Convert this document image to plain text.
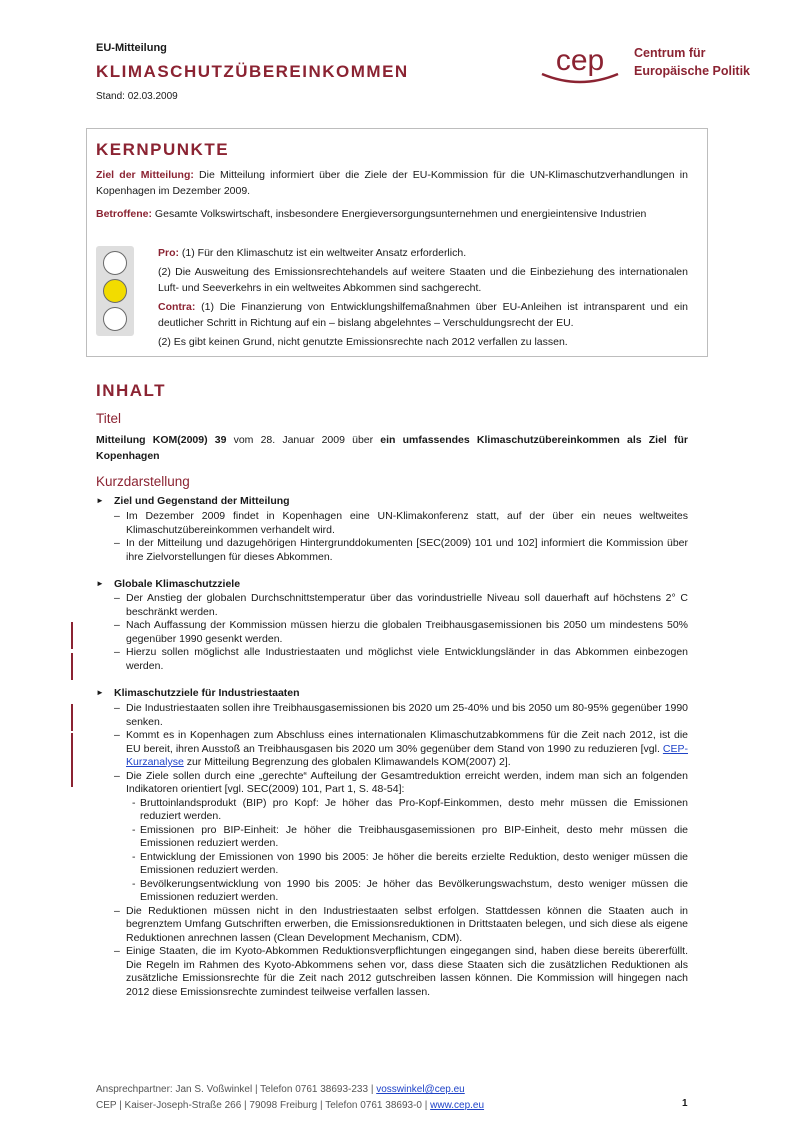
EU-Mitteilung
KLIMASCHUTZÜBEREINKOMMEN
Stand: 02.03.2009
cep Centrum für
Europäische Politik
KERNPUNKTE
Ziel der Mitteilung: Die Mitteilung informiert über die Ziele der EU-Kommission für die UN-Klimaschutzverhandlungen in Kopenhagen im Dezember 2009.
Betroffene: Gesamte Volkswirtschaft, insbesondere Energieversorgungsunternehmen und energieintensive Industrien

Pro: (1) Für den Klimaschutz ist ein weltweiter Ansatz erforderlich.

(2) Die Ausweitung des Emissionsrechtehandels auf weitere Staaten und die Einbeziehung des internationalen Luft- und Seeverkehrs in ein weltweites Abkommen sind sachgerecht.

Contra: (1) Die Finanzierung von Entwicklungshilfemaßnahmen über EU-Anleihen ist intransparent und ein deutlicher Schritt in Richtung auf ein – bislang abgelehntes – Verschuldungsrecht der EU.

(2) Es gibt keinen Grund, nicht genutzte Emissionsrechte nach 2012 verfallen zu lassen.

INHALT
Titel
Mitteilung KOM(2009) 39 vom 28. Januar 2009 über ein umfassendes Klimaschutzübereinkommen als Ziel für Kopenhagen
Kurzdarstellung
► Ziel und Gegenstand der Mitteilung
– Im Dezember 2009 findet in Kopenhagen eine UN-Klimakonferenz statt, auf der über ein neues weltweites Klimaschutzübereinkommen verhandelt wird.
– In der Mitteilung und dazugehörigen Hintergrunddokumenten [SEC(2009) 101 und 102] informiert die Kommission über ihre Zielvorstellungen für dieses Abkommen.
► Globale Klimaschutzziele
– Der Anstieg der globalen Durchschnittstemperatur über das vorindustrielle Niveau soll dauerhaft auf höchstens 2° C beschränkt werden.
– Nach Auffassung der Kommission müssen hierzu die globalen Treibhausgasemissionen bis 2050 um mindestens 50% gegenüber 1990 gesenkt werden.
– Hierzu sollen möglichst alle Industriestaaten und möglichst viele Entwicklungsländer in das Abkommen einbezogen werden.
► Klimaschutzziele für Industriestaaten
– Die Industriestaaten sollen ihre Treibhausgasemissionen bis 2020 um 25-40% und bis 2050 um 80-95% gegenüber 1990 senken.
– Kommt es in Kopenhagen zum Abschluss eines internationalen Klimaschutzabkommens für die Zeit nach 2012, ist die EU bereit, ihren Ausstoß an Treibhausgasen bis 2020 um 30% gegenüber dem Stand von 1990 zu reduzieren [vgl. CEP-Kurzanalyse zur Mitteilung Begrenzung des globalen Klimawandels KOM(2007) 2].
– Die Ziele sollen durch eine „gerechte“ Aufteilung der Gesamtreduktion erreicht werden, indem man sich an folgenden Indikatoren orientiert [vgl. SEC(2009) 101, Part 1, S. 48-54]:
- Bruttoinlandsprodukt (BIP) pro Kopf: Je höher das Pro-Kopf-Einkommen, desto mehr müssen die Emissionen reduziert werden.
- Emissionen pro BIP-Einheit: Je höher die Treibhausgasemissionen pro BIP-Einheit, desto mehr müssen die Emissionen reduziert werden.
- Entwicklung der Emissionen von 1990 bis 2005: Je höher die bereits erzielte Reduktion, desto weniger müssen die Emissionen reduziert werden.
- Bevölkerungsentwicklung von 1990 bis 2005: Je höher das Bevölkerungswachstum, desto weniger müssen die Emissionen reduziert werden.
– Die Reduktionen müssen nicht in den Industriestaaten selbst erfolgen. Stattdessen können die Staaten auch in begrenztem Umfang Gutschriften erwerben, die Emissionsreduktionen in Drittstaaten belegen, und sich diese als eigene Reduktionen anrechnen lassen (Clean Development Mechanism, CDM).
– Einige Staaten, die im Kyoto-Abkommen Reduktionsverpflichtungen eingegangen sind, haben diese bereits übererfüllt. Die Regeln im Rahmen des Kyoto-Abkommens sehen vor, dass diese Staaten sich die zusätzlichen Reduktionen als zusätzliche Emissionsrechte für die Zeit nach 2012 gutschreiben lassen können. Die Kommission will hingegen nach 2012 diese Emissionsrechte zumindest teilweise verfallen lassen.
Ansprechpartner: Jan S. Voßwinkel | Telefon 0761 38693-233 | vosswinkel@cep.eu
CEP | Kaiser-Joseph-Straße 266 | 79098 Freiburg | Telefon 0761 38693-0 | www.cep.eu	1
